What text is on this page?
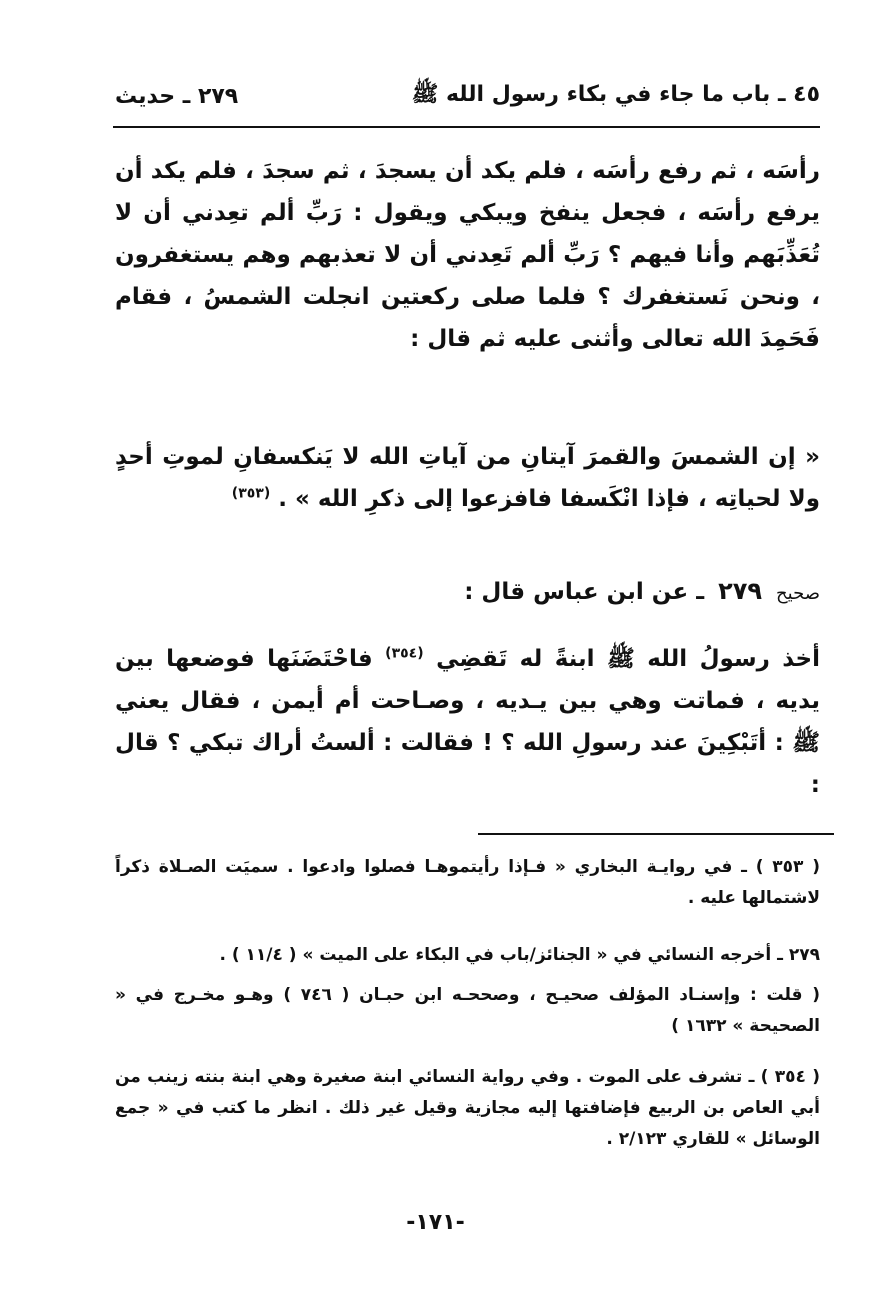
٤٥ ـ باب ما جاء في بكاء رسول الله ﷺ
٢٧٩ ـ حديث
رأسَه ، ثم رفع رأسَه ، فلم يكد أن يسجدَ ، ثم سجدَ ، فلم يكد أن يرفع رأسَه ، فجعل ينفخ ويبكي ويقول : رَبِّ ألم تعِدني أن لا تُعَذِّبَهم وأنا فيهم ؟ رَبِّ ألم تَعِدني أن لا تعذبهم وهم يستغفرون ، ونحن نَستغفرك ؟ فلما صلى ركعتين انجلت الشمسُ ، فقام فَحَمِدَ الله تعالى وأثنى عليه ثم قال :
« إن الشمسَ والقمرَ آيتانِ من آياتِ الله لا يَنكسفانِ لموتِ أحدٍ ولا لحياتِه ، فإذا انْكَسفا فافزعوا إلى ذكرِ الله » . $^{(٣٥٣)}$
صحيح
٢٧٩
ـ عن ابن عباس قال :
أخذ رسولُ الله ﷺ ابنةً له تَقضِي $^{(٣٥٤)}$ فاحْتَضَنَها فوضعها بين يديه ، فماتت وهي بين يـديه ، وصـاحت أم أيمن ، فقال يعني ﷺ : أتَبْكِينَ عند رسولِ الله ؟ ! فقالت : ألستُ أراك تبكي ؟ قال :
( ٣٥٣ ) ـ في روايـة البخاري « فـإذا رأيتموهـا فصلوا وادعوا . سميَت الصـلاة ذكراً لاشتمالها عليه .
٢٧٩ ـ أخرجه النسائي في « الجنائز/باب في البكاء على الميت » ( ١١/٤ ) .
( قلت : وإسنـاد المؤلف صحيـح ، وصححـه ابن حبـان ( ٧٤٦ ) وهـو مخـرج في « الصحيحة » ١٦٣٢ )
( ٣٥٤ ) ـ تشرف على الموت . وفي رواية النسائي ابنة صغيرة وهي ابنة بنته زينب من أبي العاص بن الربيع فإضافتها إليه مجازية وقيل غير ذلك . انظر ما كتب في « جمع الوسائل » للقاري ٢/١٢٣ .
-١٧١-
